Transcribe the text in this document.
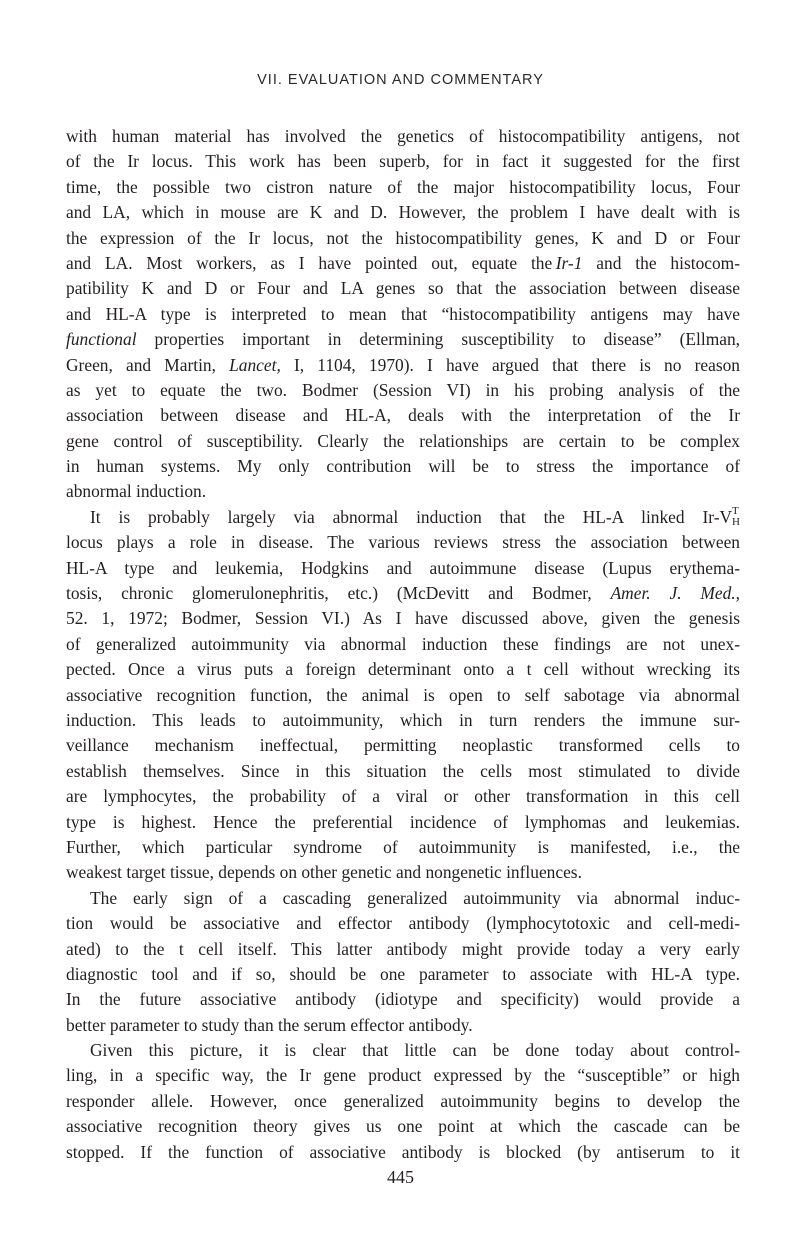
VII. EVALUATION AND COMMENTARY
with human material has involved the genetics of histocompatibility antigens, not
of the Ir locus. This work has been superb, for in fact it suggested for the first
time, the possible two cistron nature of the major histocompatibility locus, Four
and LA, which in mouse are K and D. However, the problem I have dealt with is
the expression of the Ir locus, not the histocompatibility genes, K and D or Four
and LA. Most workers, as I have pointed out, equate the  Ir-1 and the histocom-
patibility K and D or Four and LA genes so that the association between disease
and HL-A type is interpreted to mean that “histocompatibility antigens may have
functional properties important in determining susceptibility to disease” (Ellman,
Green, and Martin, Lancet, I, 1104, 1970). I have argued that there is no reason
as yet to equate the two. Bodmer (Session VI) in his probing analysis of the
association between disease and HL-A, deals with the interpretation of the Ir
gene control of susceptibility. Clearly the relationships are certain to be complex
in human systems. My only contribution will be to stress the importance of
abnormal induction.
It is probably largely via abnormal induction that the HL-A linked Ir-V T
H
locus plays a role in disease. The various reviews stress the association between
HL-A type and leukemia, Hodgkins and autoimmune disease (Lupus erythema-
tosis, chronic glomerulonephritis, etc.) (McDevitt and Bodmer, Amer. J. Med.,
52. 1, 1972; Bodmer, Session VI.) As I have discussed above, given the genesis
of generalized autoimmunity via abnormal induction these findings are not unex-
pected. Once a virus puts a foreign determinant onto a t cell without wrecking its
associative recognition function, the animal is open to self sabotage via abnormal
induction. This leads to autoimmunity, which in turn renders the immune sur-
veillance mechanism ineffectual, permitting neoplastic transformed cells to
establish themselves. Since in this situation the cells most stimulated to divide
are lymphocytes, the probability of a viral or other transformation in this cell
type is highest. Hence the preferential incidence of lymphomas and leukemias.
Further, which particular syndrome of autoimmunity is manifested, i.e., the
weakest target tissue, depends on other genetic and nongenetic influences.
The early sign of a cascading generalized autoimmunity via abnormal induc-
tion would be associative and effector antibody (lymphocytotoxic and cell-medi-
ated) to the t cell itself. This latter antibody might provide today a very early
diagnostic tool and if so, should be one parameter to associate with HL-A type.
In the future associative antibody (idiotype and specificity) would provide a
better parameter to study than the serum effector antibody.
Given this picture, it is clear that little can be done today about control-
ling, in a specific way, the Ir gene product expressed by the “susceptible” or high
responder allele. However, once generalized autoimmunity begins to develop the
associative recognition theory gives us one point at which the cascade can be
stopped. If the function of associative antibody is blocked (by antiserum to it
445
